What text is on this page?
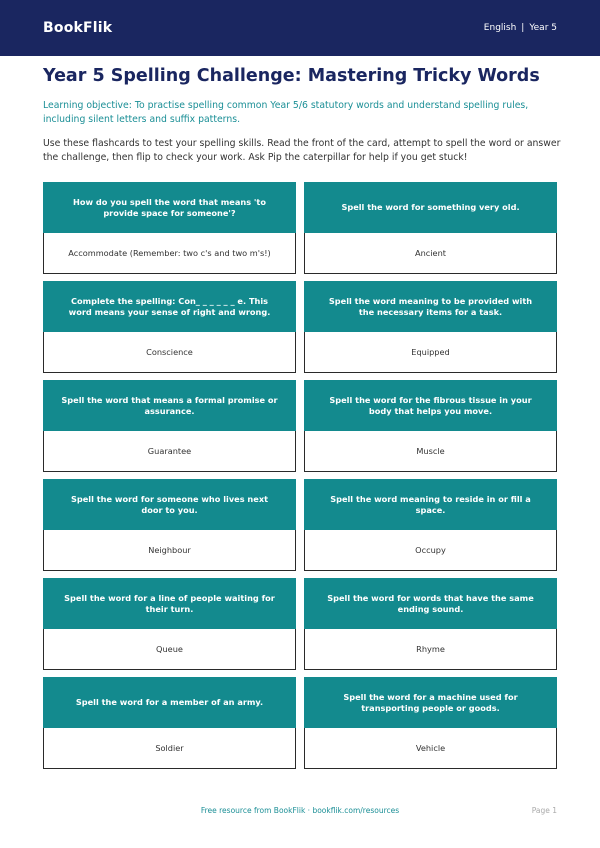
BookFlik	English | Year 5
Year 5 Spelling Challenge: Mastering Tricky Words

Learning objective: To practise spelling common Year 5/6 statutory words and understand spelling rules, including silent letters and suffix patterns.

Use these flashcards to test your spelling skills. Read the front of the card, attempt to spell the word or answer the challenge, then flip to check your work. Ask Pip the caterpillar for help if you get stuck!

How do you spell the word that means 'to provide space for someone'?
Accommodate (Remember: two c's and two m's!)
Spell the word for something very old.
Ancient
Complete the spelling: Con_ _ _ _ _ _ e. This word means your sense of right and wrong.
Conscience
Spell the word meaning to be provided with the necessary items for a task.
Equipped
Spell the word that means a formal promise or assurance.
Guarantee
Spell the word for the fibrous tissue in your body that helps you move.
Muscle
Spell the word for someone who lives next door to you.
Neighbour
Spell the word meaning to reside in or fill a space.
Occupy
Spell the word for a line of people waiting for their turn.
Queue
Spell the word for words that have the same ending sound.
Rhyme
Spell the word for a member of an army.
Soldier
Spell the word for a machine used for transporting people or goods.
Vehicle
Free resource from BookFlik · bookflik.com/resources	Page 1
